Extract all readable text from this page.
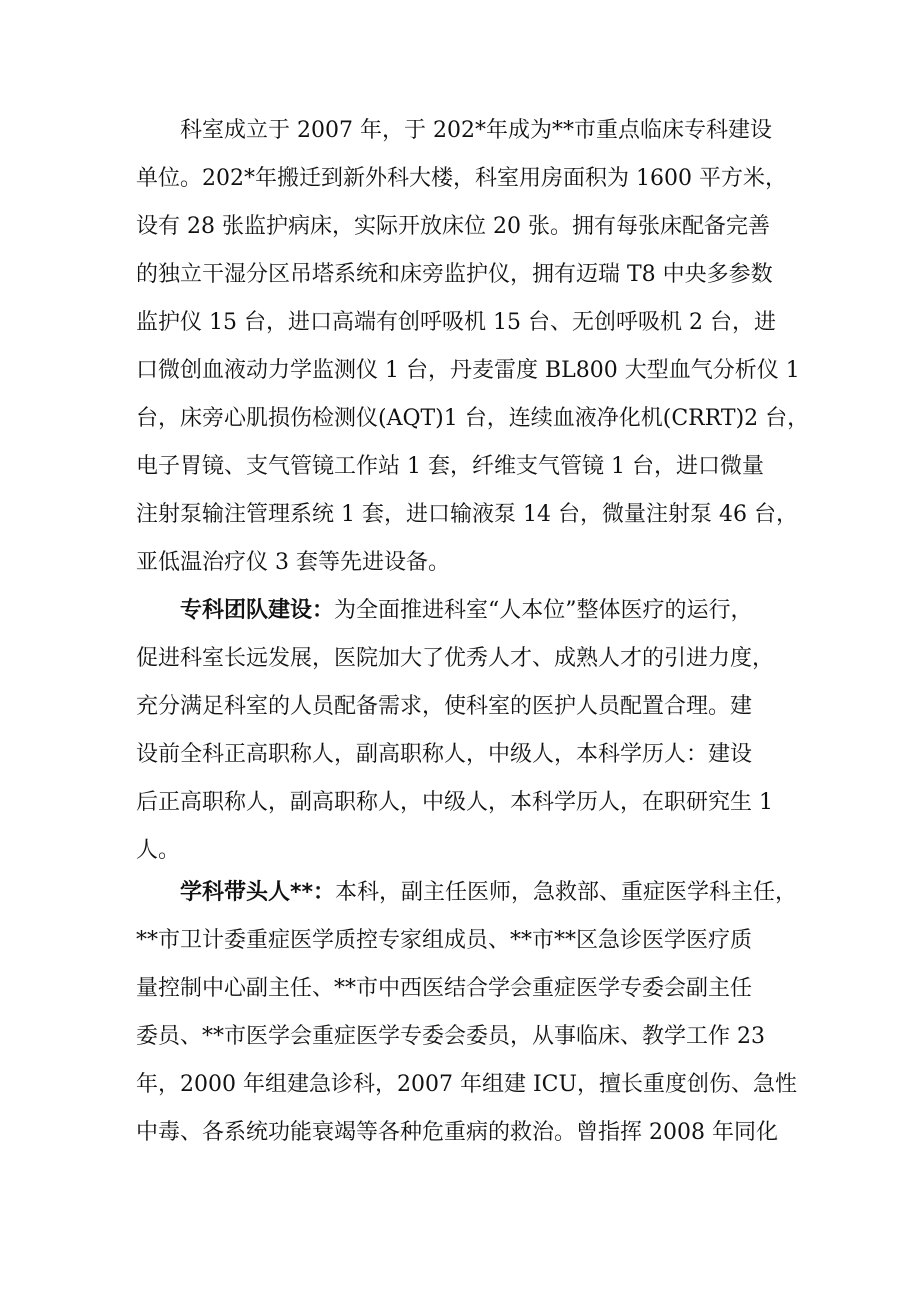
科室成立于 2007 年，于 202*年成为**市重点临床专科建设
单位。202*年搬迁到新外科大楼，科室用房面积为 1600 平方米，
设有 28 张监护病床，实际开放床位 20 张。拥有每张床配备完善
的独立干湿分区吊塔系统和床旁监护仪，拥有迈瑞 T8 中央多参数
监护仪 15 台，进口高端有创呼吸机 15 台、无创呼吸机 2 台，进
口微创血液动力学监测仪 1 台，丹麦雷度 BL800 大型血气分析仪 1
台，床旁心肌损伤检测仪(AQT)1 台，连续血液净化机(CRRT)2 台，
电子胃镜、支气管镜工作站 1 套，纤维支气管镜 1 台，进口微量
注射泵输注管理系统 1 套，进口输液泵 14 台，微量注射泵 46 台，
亚低温治疗仪 3 套等先进设备。
专科团队建设：为全面推进科室“人本位”整体医疗的运行，
促进科室长远发展，医院加大了优秀人才、成熟人才的引进力度，
充分满足科室的人员配备需求，使科室的医护人员配置合理。建
设前全科正高职称人，副高职称人，中级人，本科学历人：建设
后正高职称人，副高职称人，中级人，本科学历人，在职研究生 1
人。
学科带头人**：本科，副主任医师，急救部、重症医学科主任，
**市卫计委重症医学质控专家组成员、**市**区急诊医学医疗质
量控制中心副主任、**市中西医结合学会重症医学专委会副主任
委员、**市医学会重症医学专委会委员，从事临床、教学工作 23
年，2000 年组建急诊科，2007 年组建 ICU，擅长重度创伤、急性
中毒、各系统功能衰竭等各种危重病的救治。曾指挥 2008 年同化
